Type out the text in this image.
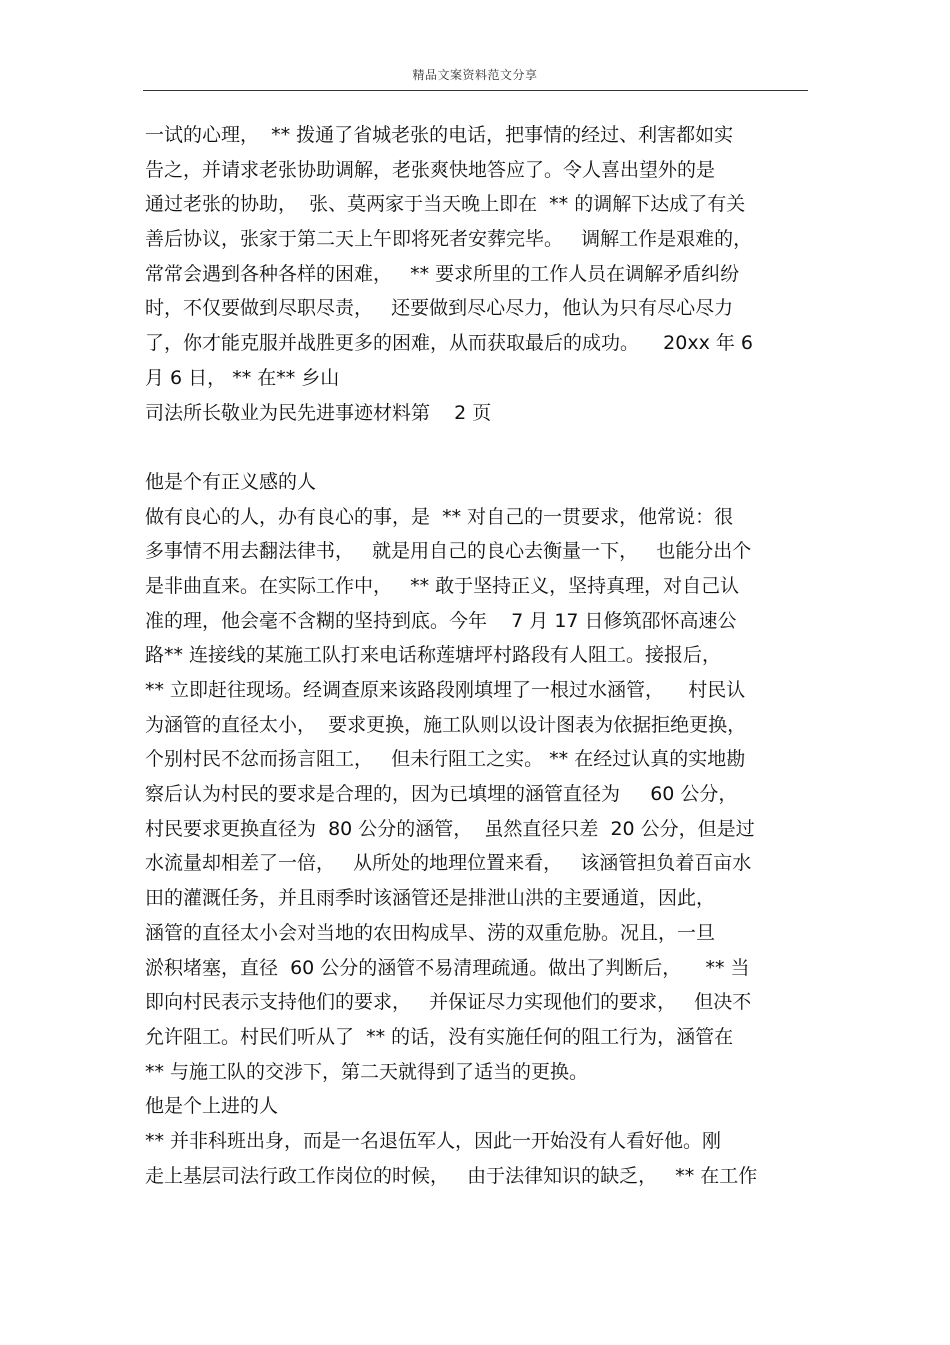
精品文案资料范文分享
一试的心理，  ** 拨通了省城老张的电话，把事情的经过、利害都如实
告之，并请求老张协助调解，老张爽快地答应了。令人喜出望外的是
通过老张的协助，  张、莫两家于当天晚上即在  ** 的调解下达成了有关
善后协议，张家于第二天上午即将死者安葬完毕。   调解工作是艰难的，
常常会遇到各种各样的困难，   ** 要求所里的工作人员在调解矛盾纠纷
时，不仅要做到尽职尽责，   还要做到尽心尽力，他认为只有尽心尽力
了，你才能克服并战胜更多的困难，从而获取最后的成功。    20xx 年 6
月 6 日， ** 在** 乡山
司法所长敬业为民先进事迹材料第    2 页
他是个有正义感的人
做有良心的人，办有良心的事，是  ** 对自己的一贯要求，他常说：很
多事情不用去翻法律书，   就是用自己的良心去衡量一下，   也能分出个
是非曲直来。在实际工作中，   ** 敢于坚持正义，坚持真理，对自己认
准的理，他会毫不含糊的坚持到底。今年    7 月 17 日修筑邵怀高速公
路** 连接线的某施工队打来电话称莲塘坪村路段有人阻工。接报后，
** 立即赶往现场。经调查原来该路段刚填埋了一根过水涵管，    村民认
为涵管的直径太小，  要求更换，施工队则以设计图表为依据拒绝更换，
个别村民不忿而扬言阻工，   但未行阻工之实。 ** 在经过认真的实地勘
察后认为村民的要求是合理的，因为已填埋的涵管直径为     60 公分，
村民要求更换直径为  80 公分的涵管，  虽然直径只差  20 公分，但是过
水流量却相差了一倍，   从所处的地理位置来看，   该涵管担负着百亩水
田的灌溉任务，并且雨季时该涵管还是排泄山洪的主要通道，因此，
涵管的直径太小会对当地的农田构成旱、涝的双重危胁。况且，一旦
淤积堵塞，直径  60 公分的涵管不易清理疏通。做出了判断后，    ** 当
即向村民表示支持他们的要求，   并保证尽力实现他们的要求，   但决不
允许阻工。村民们听从了  ** 的话，没有实施任何的阻工行为，涵管在
** 与施工队的交涉下，第二天就得到了适当的更换。
他是个上进的人
** 并非科班出身，而是一名退伍军人，因此一开始没有人看好他。刚
走上基层司法行政工作岗位的时候，   由于法律知识的缺乏，   ** 在工作
